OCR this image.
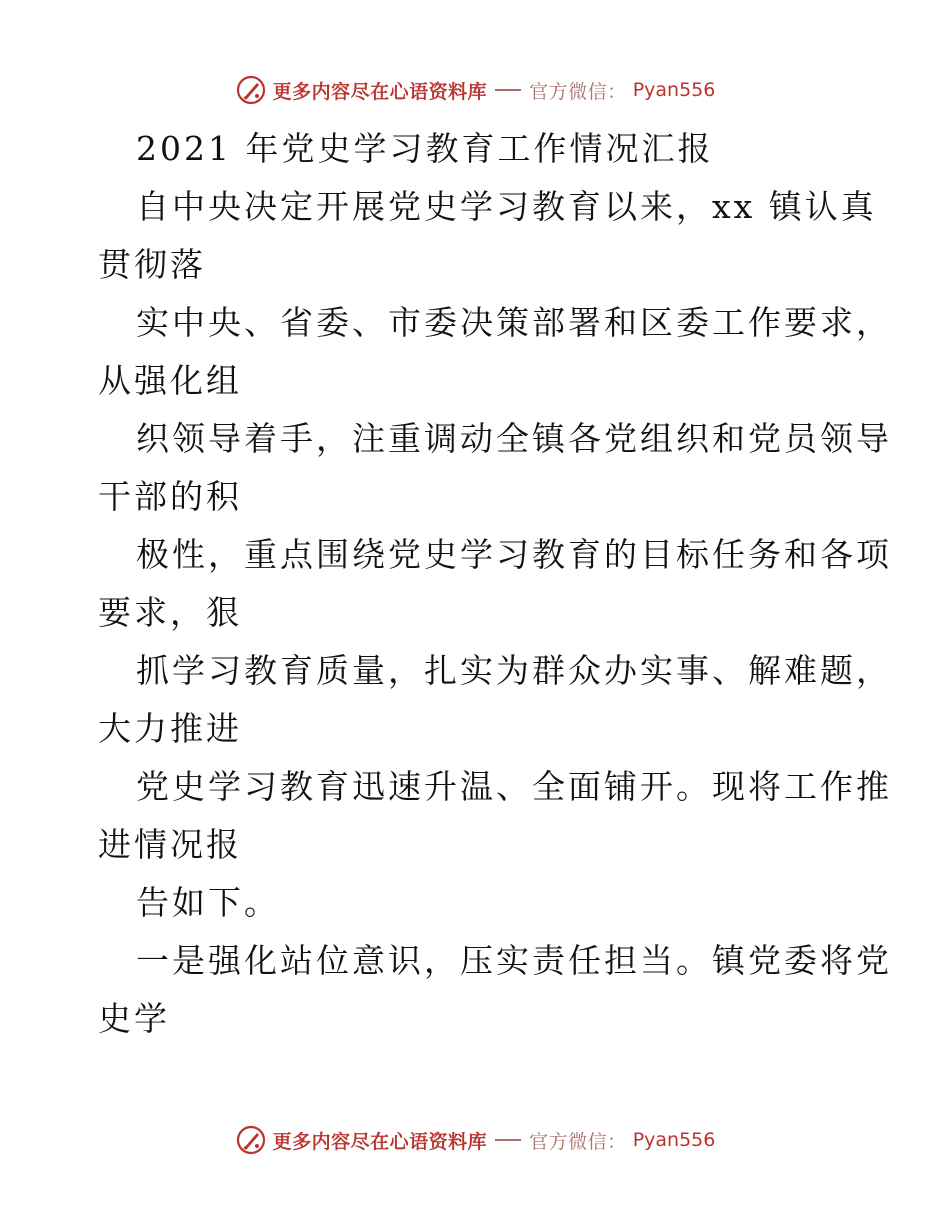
更多内容尽在心语资料库 官方微信： Pyan556
2021 年党史学习教育工作情况汇报
自中央决定开展党史学习教育以来，xx 镇认真
贯彻落
实中央、省委、市委决策部署和区委工作要求，
从强化组
织领导着手，注重调动全镇各党组织和党员领导
干部的积
极性，重点围绕党史学习教育的目标任务和各项
要求，狠
抓学习教育质量，扎实为群众办实事、解难题，
大力推进
党史学习教育迅速升温、全面铺开。现将工作推
进情况报
告如下。
一是强化站位意识，压实责任担当。镇党委将党
史学
更多内容尽在心语资料库 官方微信： Pyan556
